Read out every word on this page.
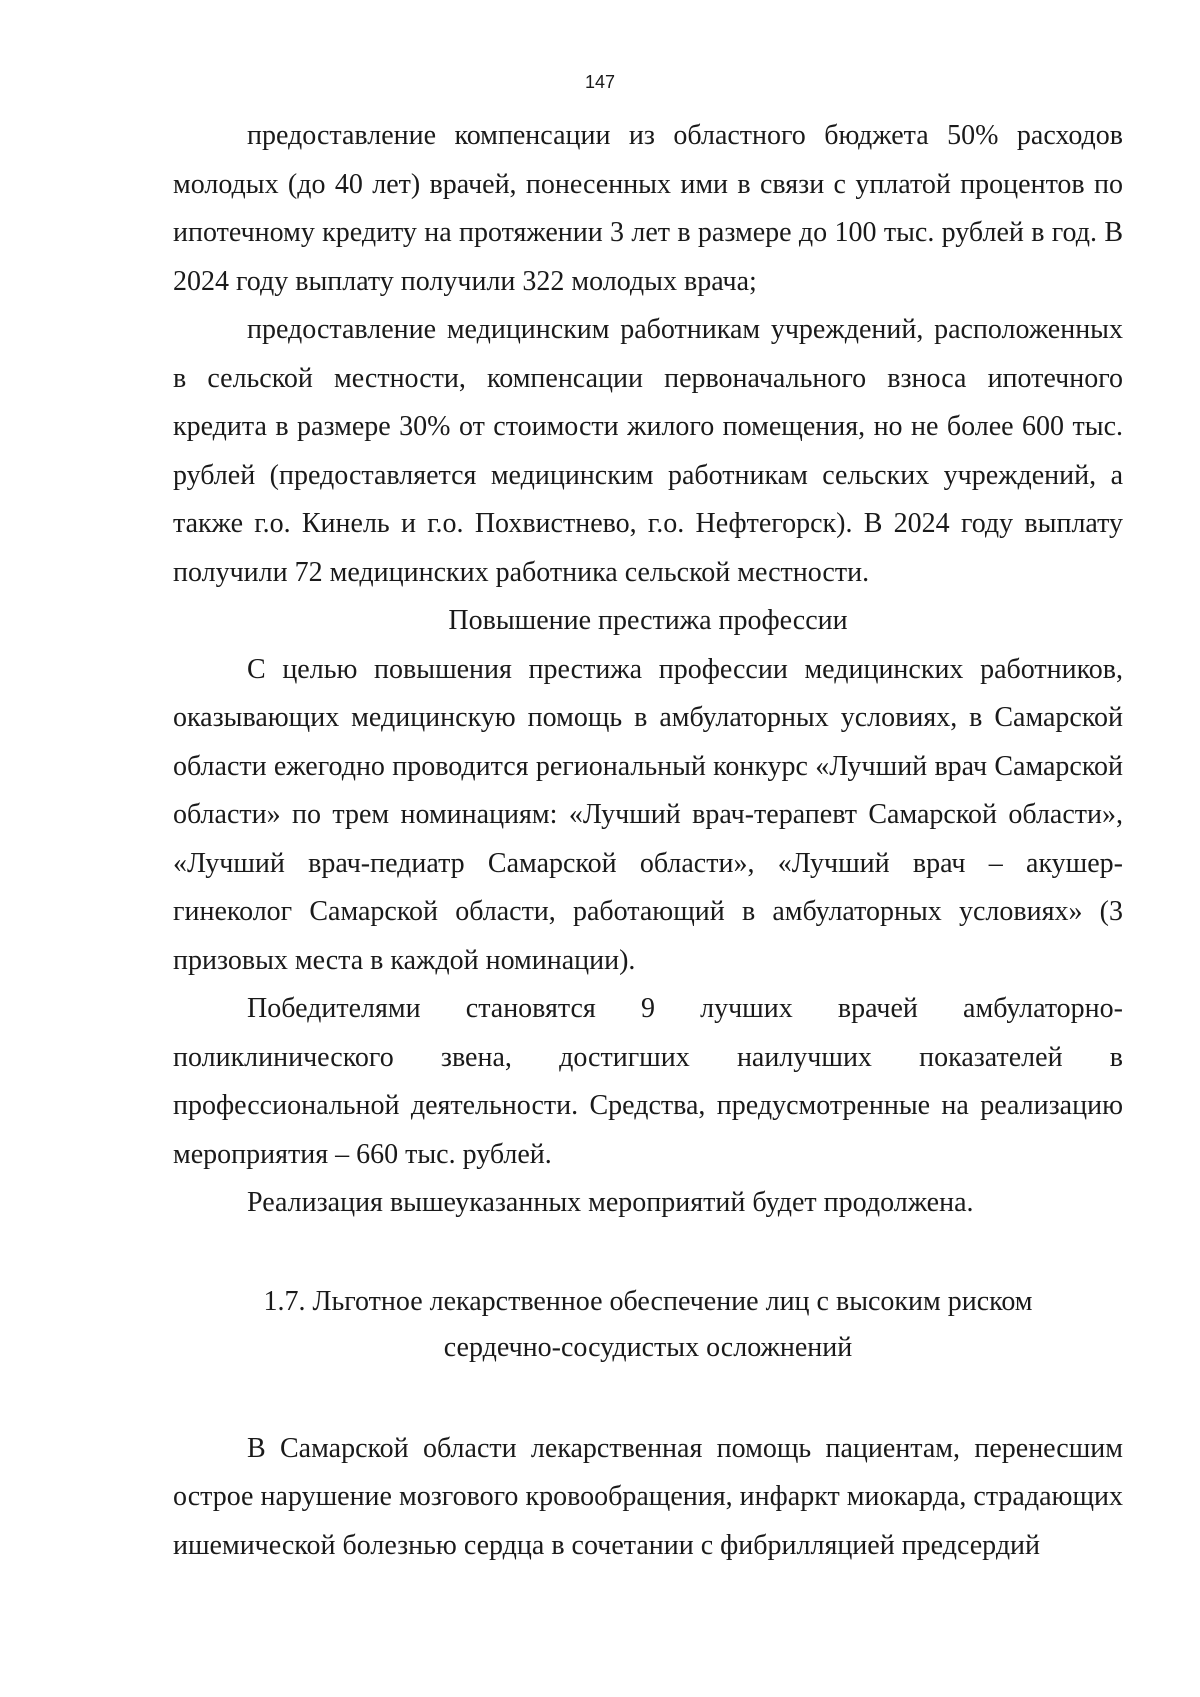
147

предоставление компенсации из областного бюджета 50% расходов молодых (до 40 лет) врачей, понесенных ими в связи с уплатой процентов по ипотечному кредиту на протяжении 3 лет в размере до 100 тыс. рублей в год. В 2024 году выплату получили 322 молодых врача;

предоставление медицинским работникам учреждений, расположенных в сельской местности, компенсации первоначального взноса ипотечного кредита в размере 30% от стоимости жилого помещения, но не более 600 тыс. рублей (предоставляется медицинским работникам сельских учреждений, а также г.о. Кинель и г.о. Похвистнево, г.о. Нефтегорск). В 2024 году выплату получили 72 медицинских работника сельской местности.

Повышение престижа профессии

С целью повышения престижа профессии медицинских работников, оказывающих медицинскую помощь в амбулаторных условиях, в Самарской области ежегодно проводится региональный конкурс «Лучший врач Самарской области» по трем номинациям: «Лучший врач-терапевт Самарской области», «Лучший врач-педиатр Самарской области», «Лучший врач – акушер-гинеколог Самарской области, работающий в амбулаторных условиях» (3 призовых места в каждой номинации).

Победителями становятся 9 лучших врачей амбулаторно-поликлинического звена, достигших наилучших показателей в профессиональной деятельности. Средства, предусмотренные на реализацию мероприятия – 660 тыс. рублей.

Реализация вышеуказанных мероприятий будет продолжена.

1.7. Льготное лекарственное обеспечение лиц с высоким риском
сердечно-сосудистых осложнений

В Самарской области лекарственная помощь пациентам, перенесшим острое нарушение мозгового кровообращения, инфаркт миокарда, страдающих ишемической болезнью сердца в сочетании с фибрилляцией предсердий
